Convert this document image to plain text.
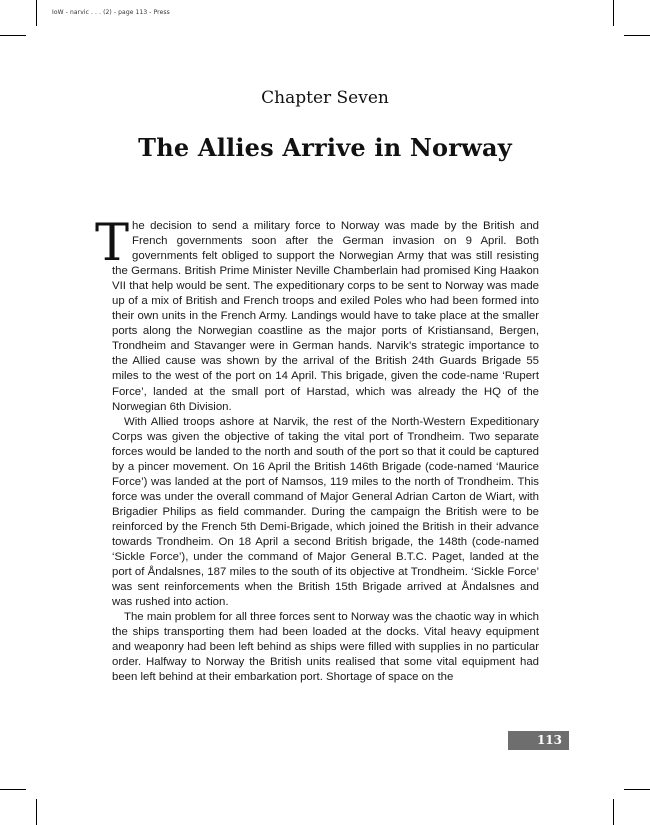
IoW - narvic . . . (2) - page 113 - Press
Chapter Seven
The Allies Arrive in Norway

The decision to send a military force to Norway was made by the British and French governments soon after the German invasion on 9 April. Both governments felt obliged to support the Norwegian Army that was still resisting the Germans. British Prime Minister Neville Chamberlain had promised King Haakon VII that help would be sent. The expeditionary corps to be sent to Norway was made up of a mix of British and French troops and exiled Poles who had been formed into their own units in the French Army. Landings would have to take place at the smaller ports along the Norwegian coastline as the major ports of Kristiansand, Bergen, Trondheim and Stavanger were in German hands. Narvik’s strategic importance to the Allied cause was shown by the arrival of the British 24th Guards Brigade 55 miles to the west of the port on 14 April. This brigade, given the code-name ‘Rupert Force’, landed at the small port of Harstad, which was already the HQ of the Norwegian 6th Division.

With Allied troops ashore at Narvik, the rest of the North-Western Expeditionary Corps was given the objective of taking the vital port of Trondheim. Two separate forces would be landed to the north and south of the port so that it could be captured by a pincer movement. On 16 April the British 146th Brigade (code-named ‘Maurice Force’) was landed at the port of Namsos, 119 miles to the north of Trondheim. This force was under the overall command of Major General Adrian Carton de Wiart, with Brigadier Philips as field commander. During the campaign the British were to be reinforced by the French 5th Demi-Brigade, which joined the British in their advance towards Trondheim. On 18 April a second British brigade, the 148th (code-named ‘Sickle Force’), under the command of Major General B.T.C. Paget, landed at the port of Åndalsnes, 187 miles to the south of its objective at Trondheim. ‘Sickle Force’ was sent reinforcements when the British 15th Brigade arrived at Åndalsnes and was rushed into action.

The main problem for all three forces sent to Norway was the chaotic way in which the ships transporting them had been loaded at the docks. Vital heavy equipment and weaponry had been left behind as ships were filled with supplies in no particular order. Halfway to Norway the British units realised that some vital equipment had been left behind at their embarkation port. Shortage of space on the

113
